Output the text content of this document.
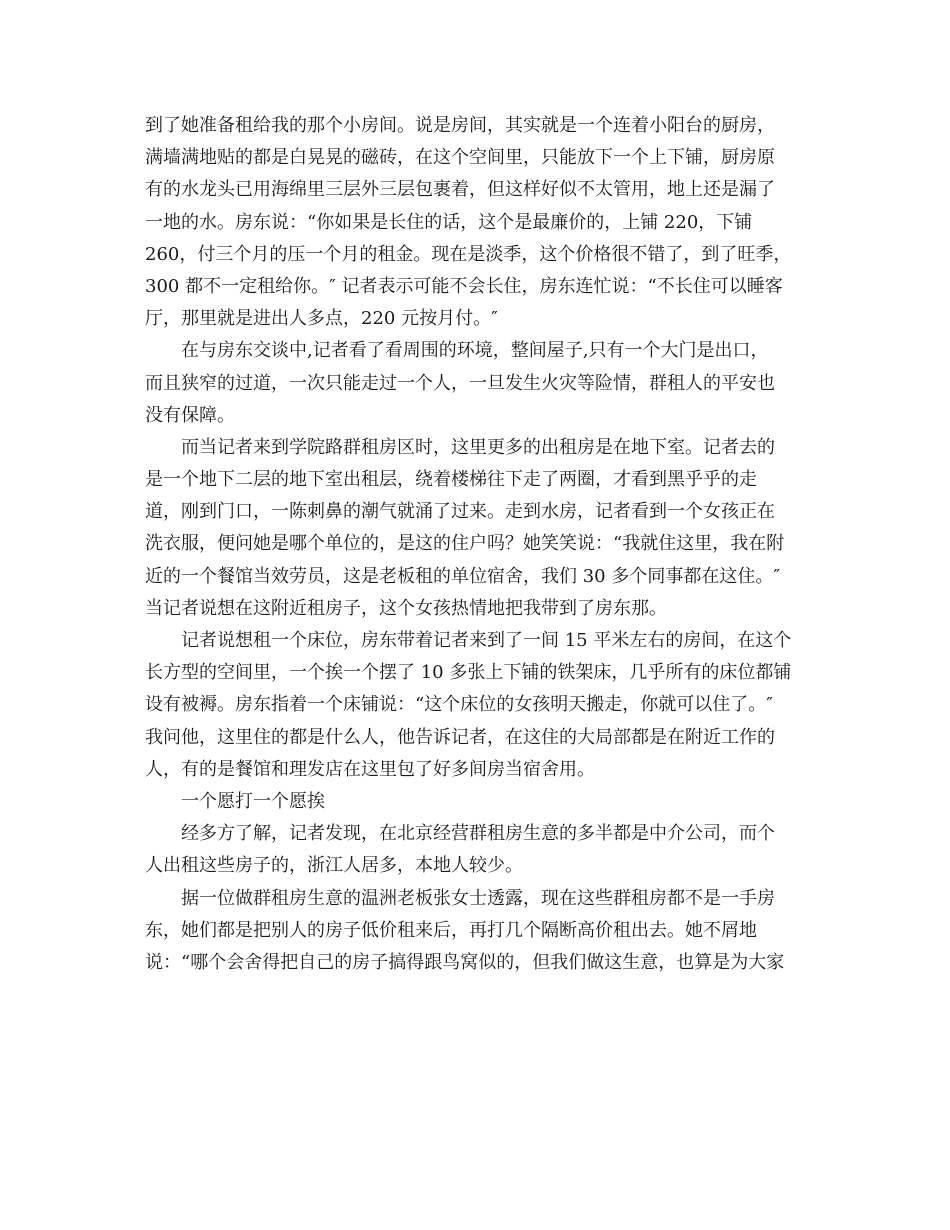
到了她准备租给我的那个小房间。说是房间，其实就是一个连着小阳台的厨房，
满墙满地贴的都是白晃晃的磁砖，在这个空间里，只能放下一个上下铺，厨房原
有的水龙头已用海绵里三层外三层包裹着，但这样好似不太管用，地上还是漏了
一地的水。房东说：“你如果是长住的话，这个是最廉价的，上铺 220，下铺
260，付三个月的压一个月的租金。现在是淡季，这个价格很不错了，到了旺季，
300 都不一定租给你。″ 记者表示可能不会长住，房东连忙说：“不长住可以睡客
厅，那里就是进出人多点，220 元按月付。″
在与房东交谈中,记者看了看周围的环境，整间屋子,只有一个大门是出口，
而且狭窄的过道，一次只能走过一个人，一旦发生火灾等险情，群租人的平安也
没有保障。
而当记者来到学院路群租房区时，这里更多的出租房是在地下室。记者去的
是一个地下二层的地下室出租层，绕着楼梯往下走了两圈，才看到黑乎乎的走
道，刚到门口，一陈刺鼻的潮气就涌了过来。走到水房，记者看到一个女孩正在
洗衣服，便问她是哪个单位的，是这的住户吗？她笑笑说：“我就住这里，我在附
近的一个餐馆当效劳员，这是老板租的单位宿舍，我们 30 多个同事都在这住。″
当记者说想在这附近租房子，这个女孩热情地把我带到了房东那。
记者说想租一个床位，房东带着记者来到了一间 15 平米左右的房间，在这个
长方型的空间里，一个挨一个摆了 10 多张上下铺的铁架床，几乎所有的床位都铺
设有被褥。房东指着一个床铺说：“这个床位的女孩明天搬走，你就可以住了。″
我问他，这里住的都是什么人，他告诉记者，在这住的大局部都是在附近工作的
人，有的是餐馆和理发店在这里包了好多间房当宿舍用。
一个愿打一个愿挨
经多方了解，记者发现，在北京经营群租房生意的多半都是中介公司，而个
人出租这些房子的，浙江人居多，本地人较少。
据一位做群租房生意的温洲老板张女士透露，现在这些群租房都不是一手房
东，她们都是把别人的房子低价租来后，再打几个隔断高价租出去。她不屑地
说：“哪个会舍得把自己的房子搞得跟鸟窝似的，但我们做这生意，也算是为大家
